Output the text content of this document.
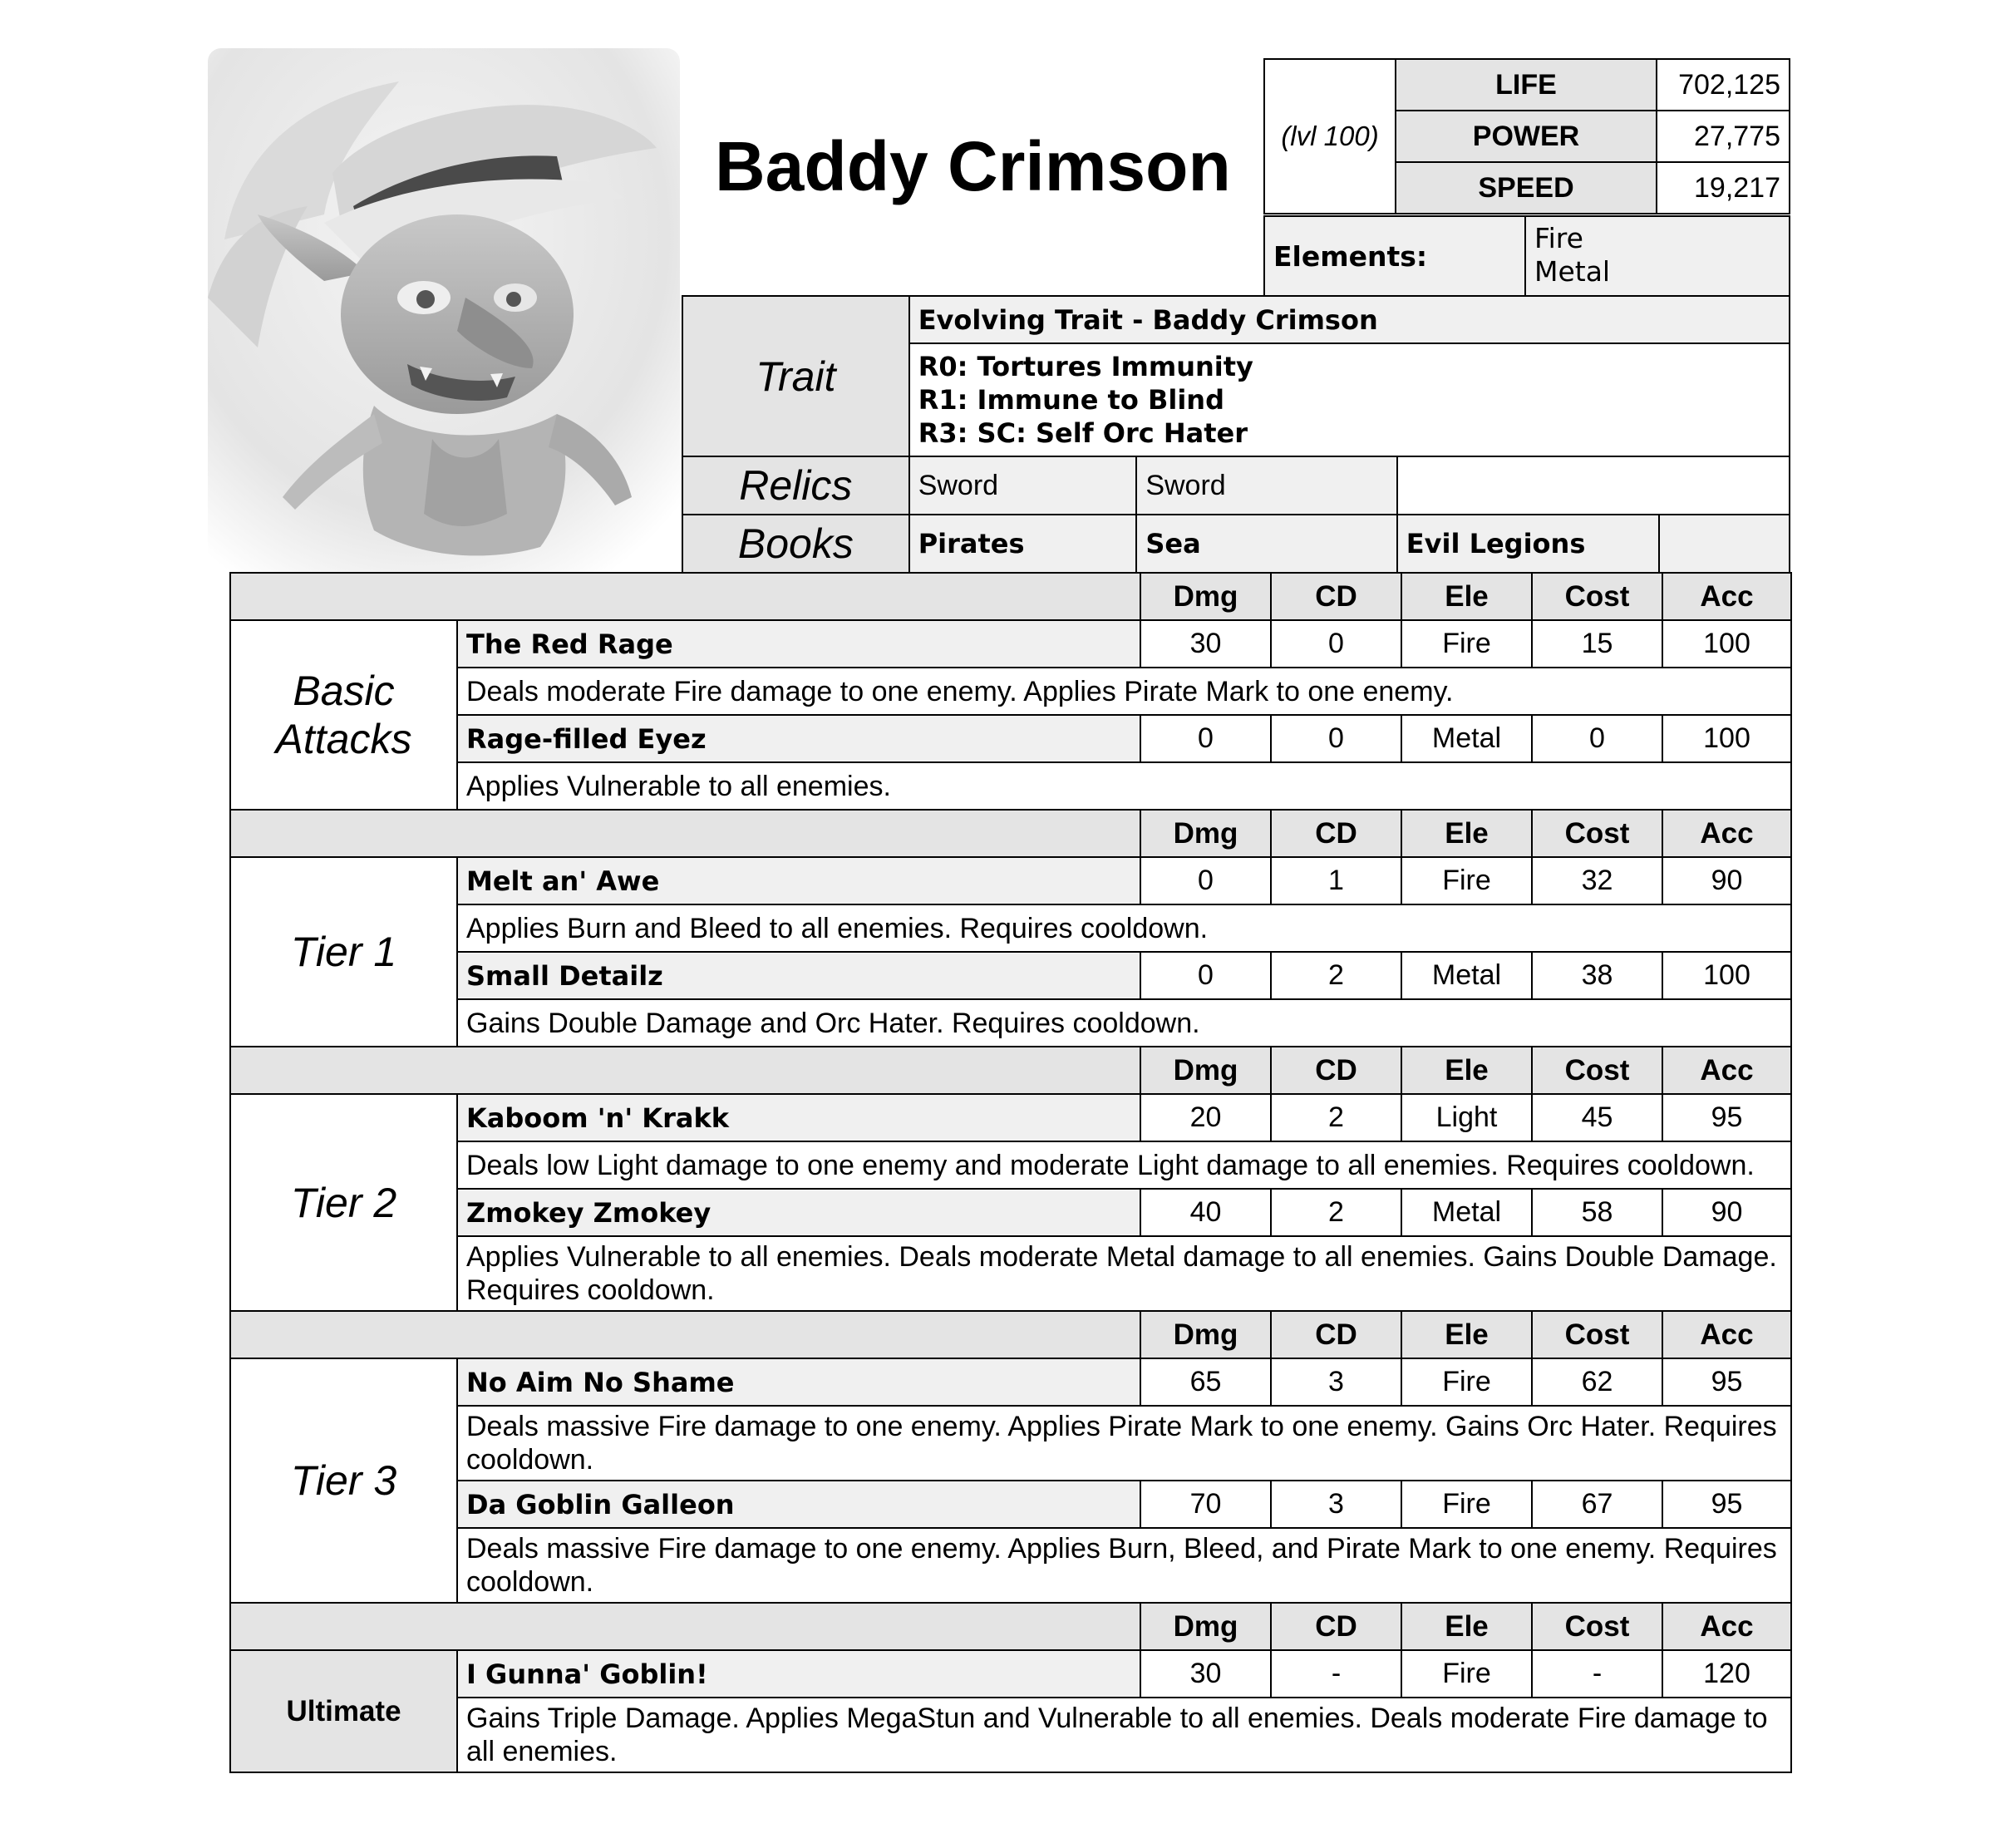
Baddy Crimson (lvl 100)	LIFE	702,125
	POWER	27,775
	SPEED	19,217
Elements:	
Fire
Metal
Trait	Evolving Trait - Baddy Crimson			

	R0: Tortures Immunity
R1: Immune to Blind
R3: SC: Self Orc Hater			

Relics	Sword	Sword		
Books	Pirates	Sea	Evil Legions	
		Dmg	CD	Ele	Cost	Acc

Basic
Attacks	The Red Rage	30	0	Fire	15	100
	Deals moderate Fire damage to one enemy. Applies Pirate Mark to one enemy.					
	Rage-filled Eyez	0	0	Metal	0	100
	Applies Vulnerable to all enemies.					
		Dmg	CD	Ele	Cost	Acc

Tier 1	Melt an' Awe	0	1	Fire	32	90
	Applies Burn and Bleed to all enemies. Requires cooldown.					
	Small Detailz	0	2	Metal	38	100
	Gains Double Damage and Orc Hater. Requires cooldown.					
		Dmg	CD	Ele	Cost	Acc

Tier 2	Kaboom 'n' Krakk	20	2	Light	45	95
	Deals low Light damage to one enemy and moderate Light damage to all enemies. Requires cooldown.					
	Zmokey Zmokey	40	2	Metal	58	90
	Applies Vulnerable to all enemies. Deals moderate Metal damage to all enemies. Gains Double Damage. Requires cooldown.					
		Dmg	CD	Ele	Cost	Acc

Tier 3	No Aim No Shame	65	3	Fire	62	95
	Deals massive Fire damage to one enemy. Applies Pirate Mark to one enemy. Gains Orc Hater. Requires cooldown.					
	Da Goblin Galleon	70	3	Fire	67	95
	Deals massive Fire damage to one enemy. Applies Burn, Bleed, and Pirate Mark to one enemy. Requires cooldown.					
		Dmg	CD	Ele	Cost	Acc

Ultimate	I Gunna' Goblin!	30	-	Fire	-	120
	Gains Triple Damage. Applies MegaStun and Vulnerable to all enemies. Deals moderate Fire damage to all enemies.					
